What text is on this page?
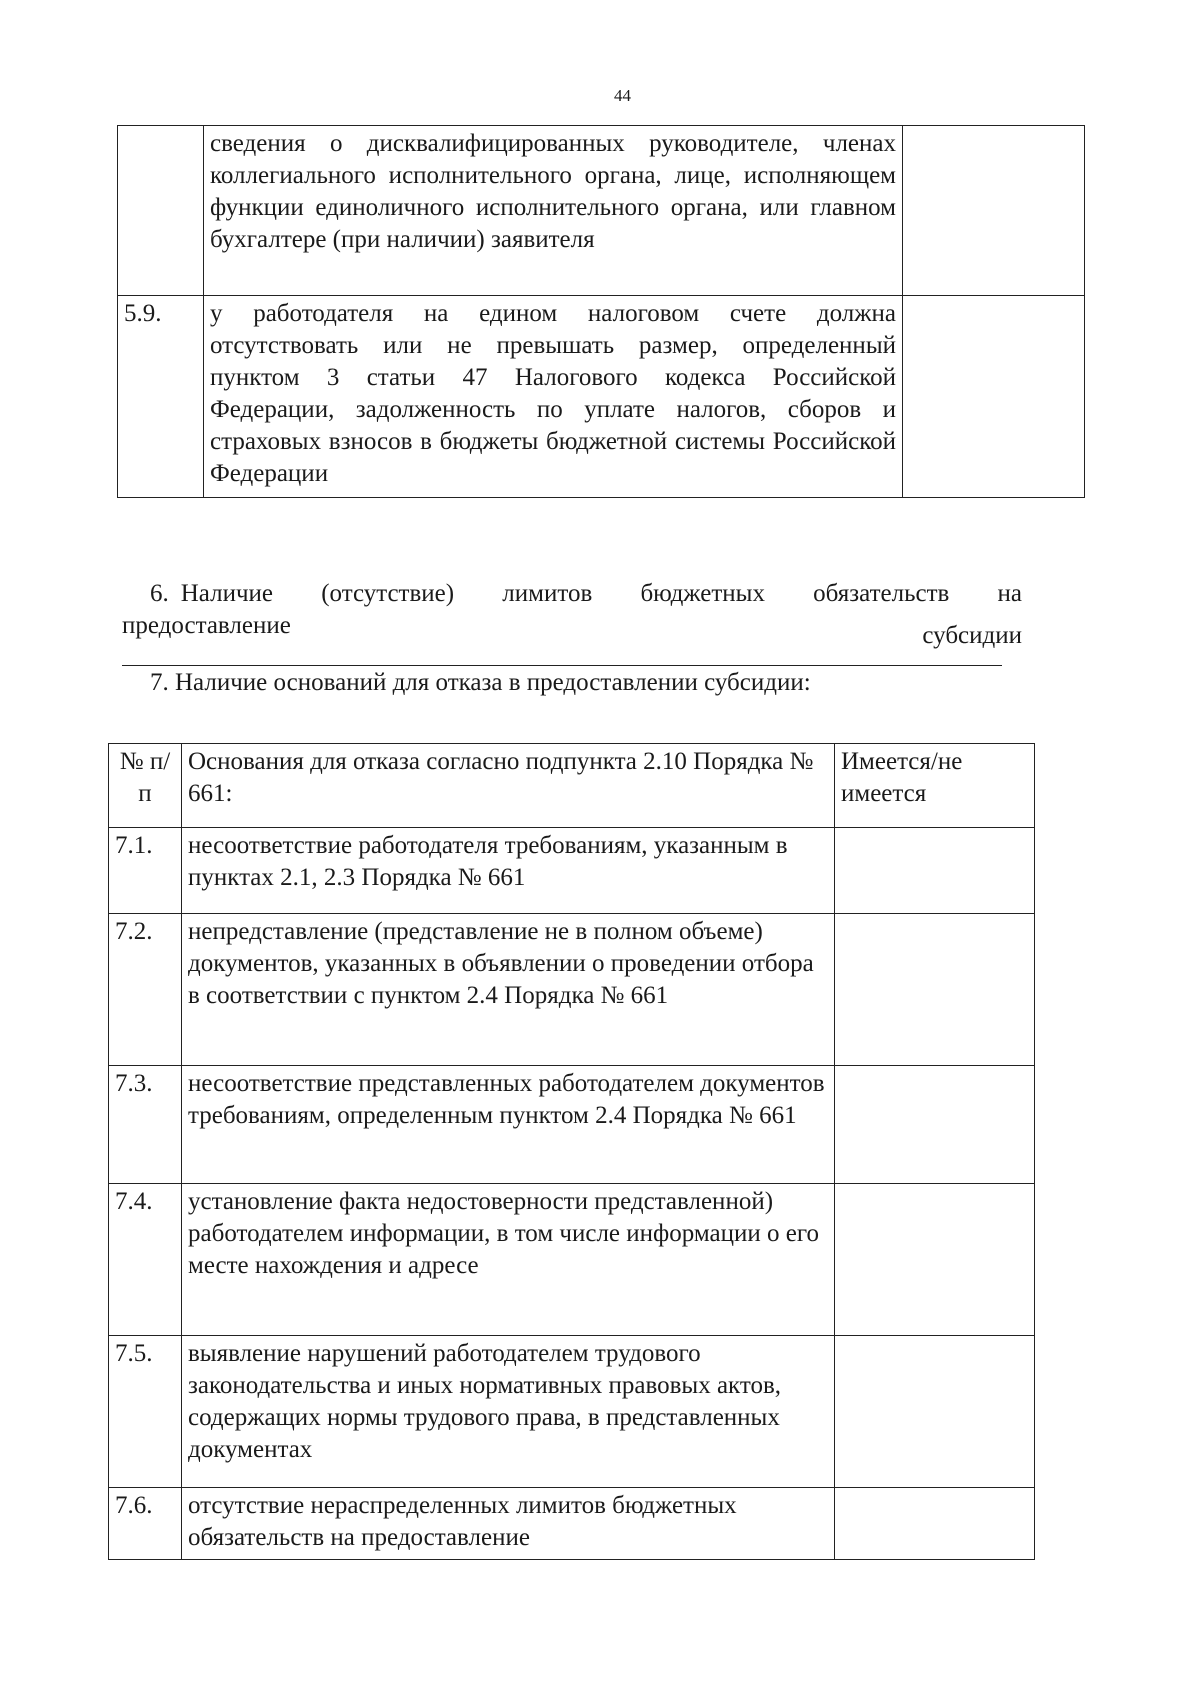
44
	сведения о дисквалифицированных руководителе, членах коллегиального исполнительного органа, лице, исполняющем функции единоличного исполнительного органа, или главном бухгалтере (при наличии) заявителя	
5.9.	у работодателя на едином налоговом счете должна отсутствовать или не превышать размер, определенный пунктом 3 статьи 47 Налогового кодекса Российской Федерации, задолженность по уплате налогов, сборов и страховых взносов в бюджеты бюджетной системы Российской Федерации	
6. Наличие (отсутствие) лимитов бюджетных обязательств на
предоставление	субсидии
7. Наличие оснований для отказа в предоставлении субсидии:
№ п/п	Основания для отказа согласно подпункта 2.10 Порядка № 661:	Имеется/не имеется
7.1.	несоответствие работодателя требованиям, указанным в пунктах 2.1, 2.3 Порядка № 661	
7.2.	непредставление (представление не в полном объеме) документов, указанных в объявлении о проведении отбора в соответствии с пунктом 2.4 Порядка № 661	
7.3.	несоответствие представленных работодателем документов требованиям, определенным пунктом 2.4 Порядка № 661	
7.4.	установление факта недостоверности представленной) работодателем информации, в том числе информации о его месте нахождения и адресе	
7.5.	выявление нарушений работодателем трудового законодательства и иных нормативных правовых актов, содержащих нормы трудового права, в представленных документах	
7.6.	отсутствие нераспределенных лимитов бюджетных обязательств на предоставление	
